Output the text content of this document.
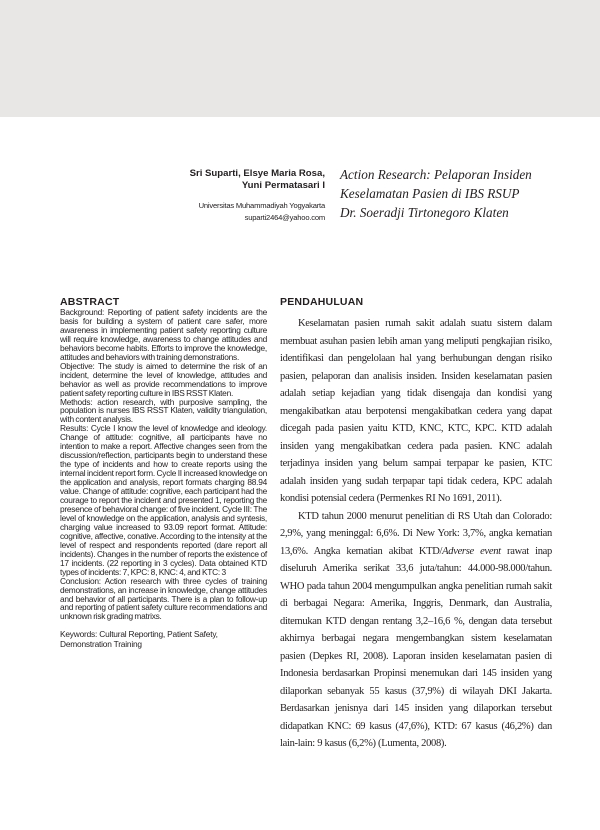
Sri Suparti, Elsye Maria Rosa,
Yuni Permatasari I
Universitas Muhammadiyah Yogyakarta
suparti2464@yahoo.com
Action Research: Pelaporan Insiden
Keselamatan Pasien di IBS RSUP
Dr. Soeradji Tirtonegoro Klaten
ABSTRACT

Background: Reporting of patient safety incidents are the basis for building a system of patient care safer, more awareness in implementing patient safety reporting culture will require knowledge, awareness to change attitudes and behaviors become habits. Efforts to improve the knowledge, attitudes and behaviors with training demonstrations.

Objective: The study is aimed to determine the risk of an incident, determine the level of knowledge, attitudes and behavior as well as provide recommendations to improve patient safety reporting culture in IBS RSST Klaten.

Methods: action research, with purposive sampling, the population is nurses IBS RSST Klaten, validity triangulation, with content analysis.

Results: Cycle I know the level of knowledge and ideology. Change of attitude: cognitive, all participants have no intention to make a report. Affective changes seen from the discussion/reflection, participants begin to understand these the type of incidents and how to create reports using the internal incident report form. Cycle II increased knowledge on the application and analysis, report formats charging 88.94 value. Change of attitude: cognitive, each participant had the courage to report the incident and presented 1, reporting the presence of behavioral change: of five incident. Cycle III: The level of knowledge on the application, analysis and syntesis, charging value increased to 93.09 report format. Attitude: cognitive, affective, conative. According to the intensity at the level of respect and respondents reported (dare report all incidents). Changes in the number of reports the existence of 17 incidents. (22 reporting in 3 cycles). Data obtained KTD types of incidents: 7, KPC: 8, KNC: 4, and KTC: 3

Conclusion: Action research with three cycles of training demonstrations, an increase in knowledge, change attitudes and behavior of all participants. There is a plan to follow-up and reporting of patient safety culture recommendations and unknown risk grading matrixs.

Keywords: Cultural Reporting, Patient Safety, Demonstration Training
PENDAHULUAN

Keselamatan pasien rumah sakit adalah suatu sistem dalam membuat asuhan pasien lebih aman yang meliputi pengkajian risiko, identifikasi dan pengelolaan hal yang berhubungan dengan risiko pasien, pelaporan dan analisis insiden. Insiden keselamatan pasien adalah setiap kejadian yang tidak disengaja dan kondisi yang mengakibatkan atau berpotensi mengakibatkan cedera yang dapat dicegah pada pasien yaitu KTD, KNC, KTC, KPC. KTD adalah insiden yang mengakibatkan cedera pada pasien. KNC adalah terjadinya insiden yang belum sampai terpapar ke pasien, KTC adalah insiden yang sudah terpapar tapi tidak cedera, KPC adalah kondisi potensial cedera (Permenkes RI No 1691, 2011).

KTD tahun 2000 menurut penelitian di RS Utah dan Colorado: 2,9%, yang meninggal: 6,6%. Di New York: 3,7%, angka kematian 13,6%. Angka kematian akibat KTD/Adverse event rawat inap diseluruh Amerika serikat 33,6 juta/tahun: 44.000-98.000/tahun. WHO pada tahun 2004 mengumpulkan angka penelitian rumah sakit di berbagai Negara: Amerika, Inggris, Denmark, dan Australia, ditemukan KTD dengan rentang 3,2–16,6 %, dengan data tersebut akhirnya berbagai negara mengembangkan sistem keselamatan pasien (Depkes RI, 2008). Laporan insiden keselamatan pasien di Indonesia berdasarkan Propinsi menemukan dari 145 insiden yang dilaporkan sebanyak 55 kasus (37,9%) di wilayah DKI Jakarta. Berdasarkan jenisnya dari 145 insiden yang dilaporkan tersebut didapatkan KNC: 69 kasus (47,6%), KTD: 67 kasus (46,2%) dan lain-lain: 9 kasus (6,2%) (Lumenta, 2008).
